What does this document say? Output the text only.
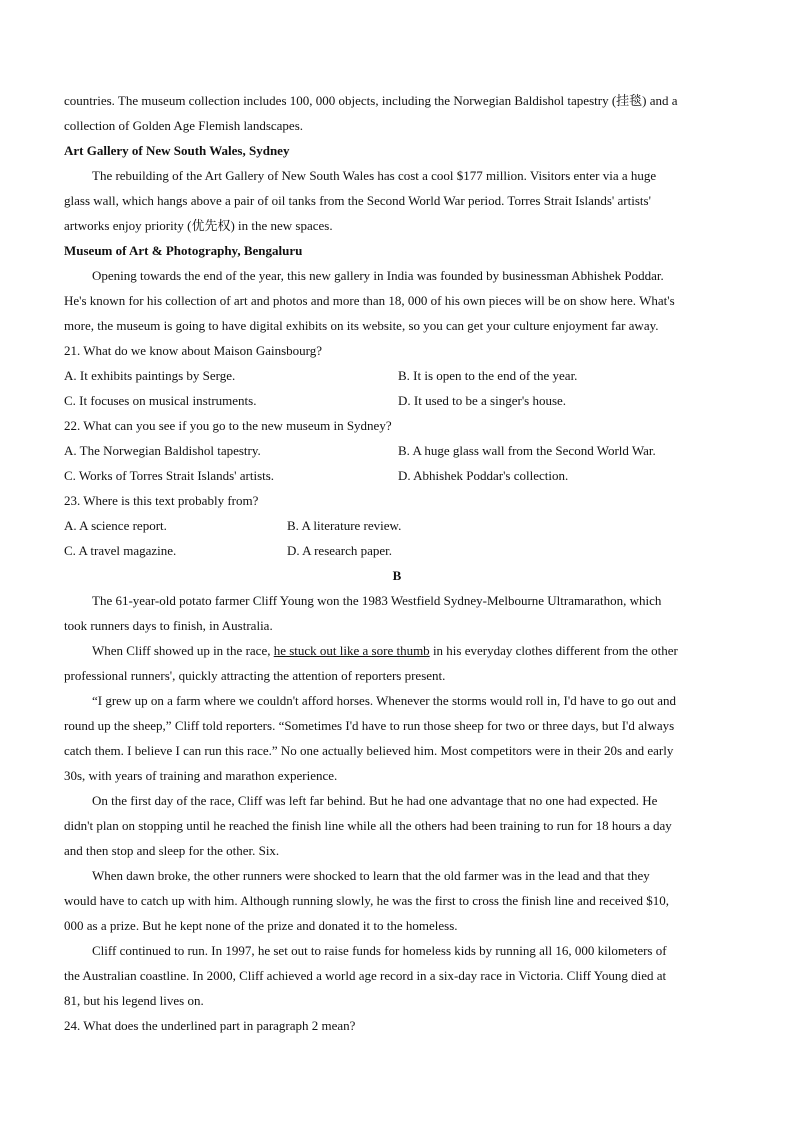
countries. The museum collection includes 100, 000 objects, including the Norwegian Baldishol tapestry (挂毯) and a
collection of Golden Age Flemish landscapes.
Art Gallery of New South Wales, Sydney
The rebuilding of the Art Gallery of New South Wales has cost a cool $177 million. Visitors enter via a huge
glass wall, which hangs above a pair of oil tanks from the Second World War period. Torres Strait Islands' artists'
artworks enjoy priority (优先权) in the new spaces.
Museum of Art & Photography, Bengaluru
Opening towards the end of the year, this new gallery in India was founded by businessman Abhishek Poddar.
He's known for his collection of art and photos and more than 18, 000 of his own pieces will be on show here. What's
more, the museum is going to have digital exhibits on its website, so you can get your culture enjoyment far away.
21. What do we know about Maison Gainsbourg?
A. It exhibits paintings by Serge.	B. It is open to the end of the year.
C. It focuses on musical instruments.	D. It used to be a singer's house.
22. What can you see if you go to the new museum in Sydney?
A. The Norwegian Baldishol tapestry.	B. A huge glass wall from the Second World War.
C. Works of Torres Strait Islands' artists.	D. Abhishek Poddar's collection.
23. Where is this text probably from?
A. A science report.	B. A literature review.
C. A travel magazine.	D. A research paper.
B
The 61-year-old potato farmer Cliff Young won the 1983 Westfield Sydney-Melbourne Ultramarathon, which
took runners days to finish, in Australia.
When Cliff showed up in the race, he stuck out like a sore thumb in his everyday clothes different from the other
professional runners', quickly attracting the attention of reporters present.
“I grew up on a farm where we couldn't afford horses. Whenever the storms would roll in, I'd have to go out and
round up the sheep,” Cliff told reporters. “Sometimes I'd have to run those sheep for two or three days, but I'd always
catch them. I believe I can run this race.” No one actually believed him. Most competitors were in their 20s and early
30s, with years of training and marathon experience.
On the first day of the race, Cliff was left far behind. But he had one advantage that no one had expected. He
didn't plan on stopping until he reached the finish line while all the others had been training to run for 18 hours a day
and then stop and sleep for the other. Six.
When dawn broke, the other runners were shocked to learn that the old farmer was in the lead and that they
would have to catch up with him. Although running slowly, he was the first to cross the finish line and received $10,
000 as a prize. But he kept none of the prize and donated it to the homeless.
Cliff continued to run. In 1997, he set out to raise funds for homeless kids by running all 16, 000 kilometers of
the Australian coastline. In 2000, Cliff achieved a world age record in a six-day race in Victoria. Cliff Young died at
81, but his legend lives on.
24. What does the underlined part in paragraph 2 mean?
